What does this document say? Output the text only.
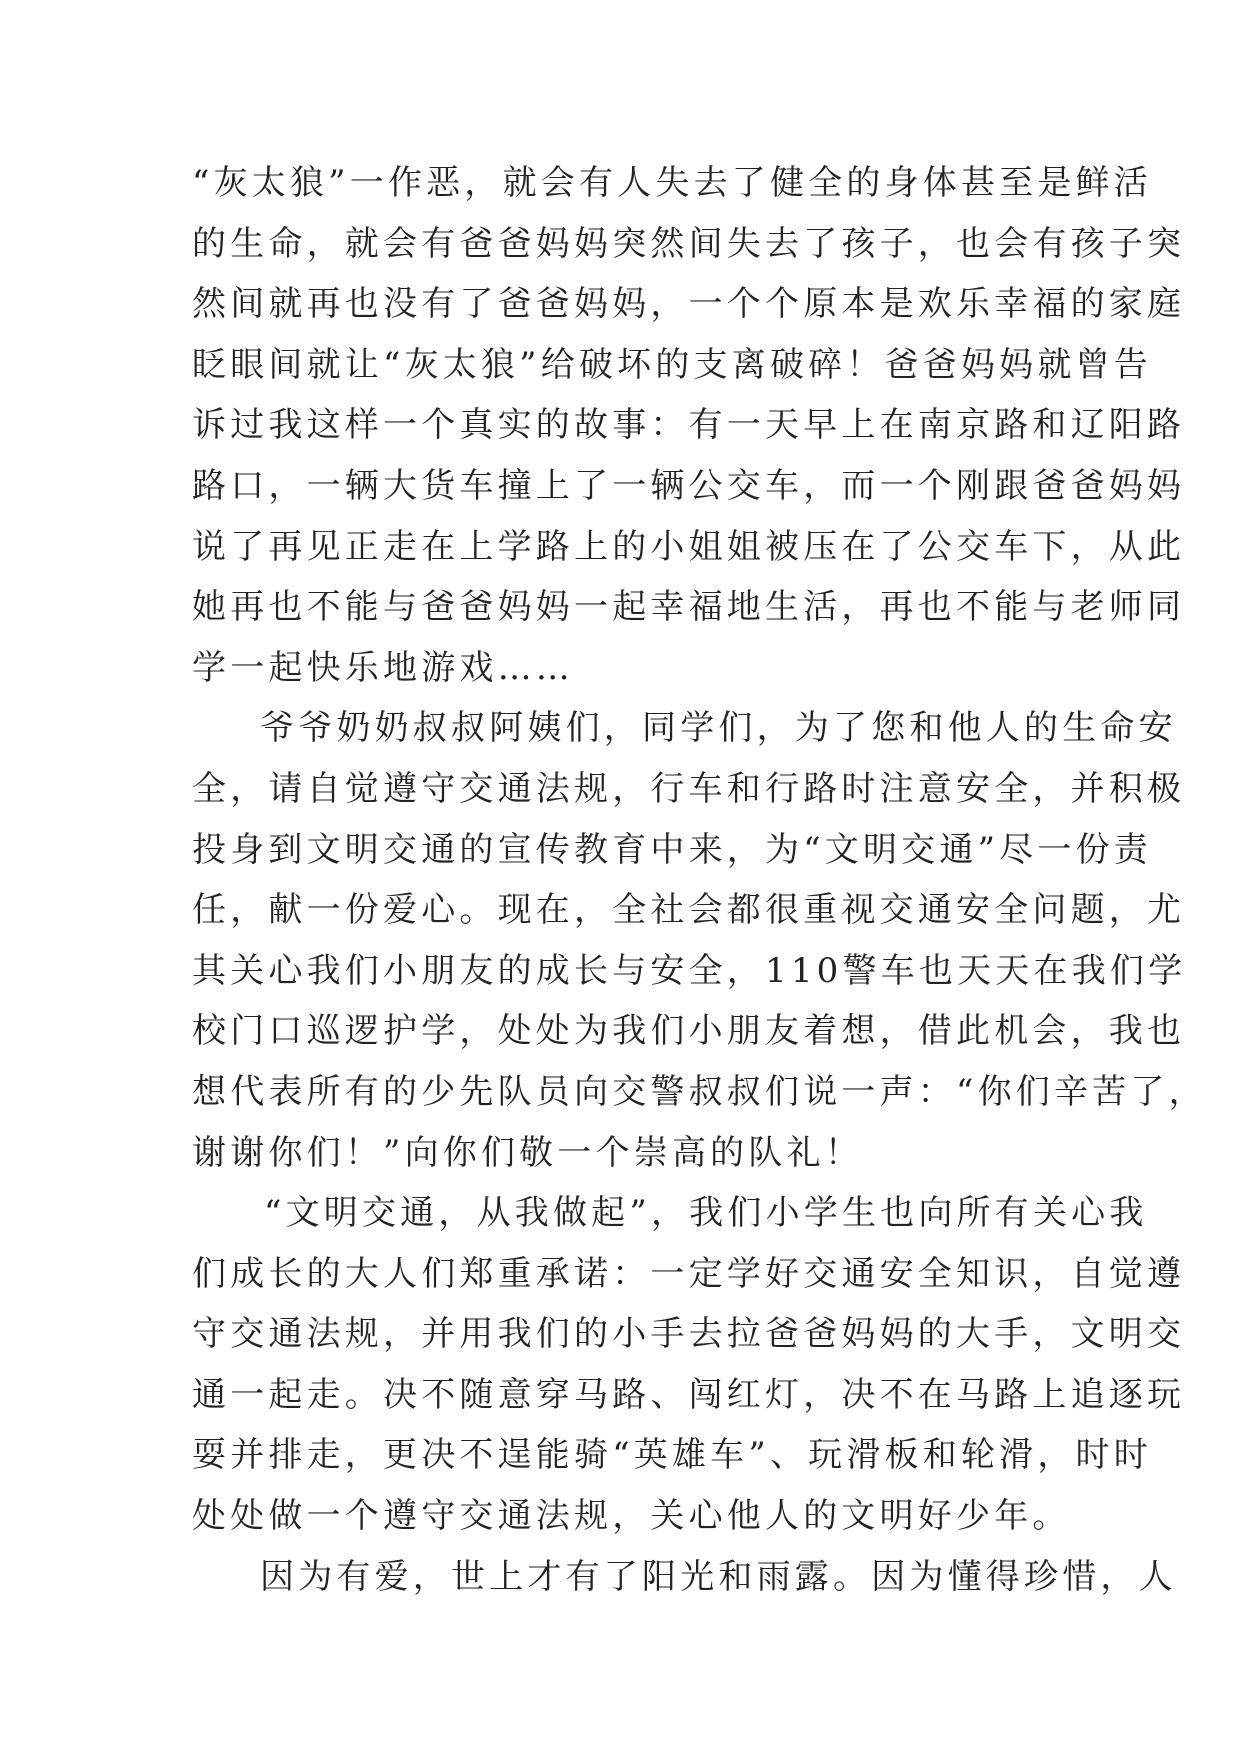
“灰太狼”一作恶，就会有人失去了健全的身体甚至是鲜活
的生命，就会有爸爸妈妈突然间失去了孩子，也会有孩子突
然间就再也没有了爸爸妈妈，一个个原本是欢乐幸福的家庭
眨眼间就让“灰太狼”给破坏的支离破碎！爸爸妈妈就曾告
诉过我这样一个真实的故事：有一天早上在南京路和辽阳路
路口，一辆大货车撞上了一辆公交车，而一个刚跟爸爸妈妈
说了再见正走在上学路上的小姐姐被压在了公交车下，从此
她再也不能与爸爸妈妈一起幸福地生活，再也不能与老师同
学一起快乐地游戏……
爷爷奶奶叔叔阿姨们，同学们，为了您和他人的生命安
全，请自觉遵守交通法规，行车和行路时注意安全，并积极
投身到文明交通的宣传教育中来，为“文明交通”尽一份责
任，献一份爱心。现在，全社会都很重视交通安全问题，尤
其关心我们小朋友的成长与安全，110警车也天天在我们学
校门口巡逻护学，处处为我们小朋友着想，借此机会，我也
想代表所有的少先队员向交警叔叔们说一声：“你们辛苦了，
谢谢你们！”向你们敬一个崇高的队礼！
“文明交通，从我做起”，我们小学生也向所有关心我
们成长的大人们郑重承诺：一定学好交通安全知识，自觉遵
守交通法规，并用我们的小手去拉爸爸妈妈的大手，文明交
通一起走。决不随意穿马路、闯红灯，决不在马路上追逐玩
耍并排走，更决不逞能骑“英雄车”、玩滑板和轮滑，时时
处处做一个遵守交通法规，关心他人的文明好少年。
因为有爱，世上才有了阳光和雨露。因为懂得珍惜，人
